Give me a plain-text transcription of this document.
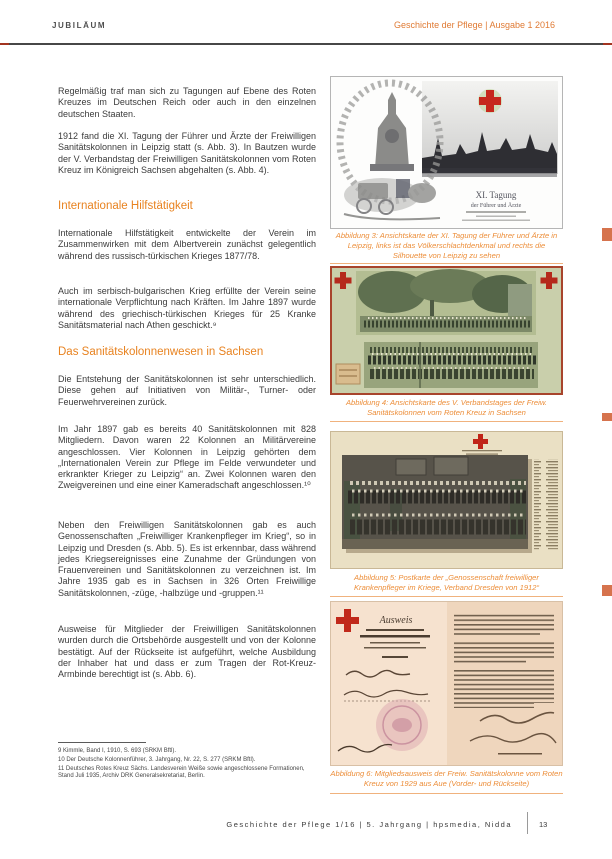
JUBILÄUM	Geschichte der Pflege | Ausgabe 1 2016

Regelmäßig traf man sich zu Tagungen auf Ebene des Roten Kreuzes im Deutschen Reich oder auch in den einzelnen deutschen Staaten.

1912 fand die XI. Tagung der Führer und Ärzte der Freiwilligen Sanitätskolonnen in Leipzig statt (s. Abb. 3). In Bautzen wurde der V. Verbandstag der Freiwilligen Sanitätskolonnen vom Roten Kreuz im Königreich Sachsen abgehalten (s. Abb. 4).

Internationale Hilfstätigkeit

Internationale Hilfstätigkeit entwickelte der Verein im Zusammenwirken mit dem Albertverein zunächst gelegentlich während des russisch-türkischen Krieges 1877/78.

Auch im serbisch-bulgarischen Krieg erfüllte der Verein seine internationale Verpflichtung nach Kräften. Im Jahre 1897 wurde während des griechisch-türkischen Krieges für 25 Kranke Sanitätsmaterial nach Athen geschickt.⁹

Das Sanitätskolonnenwesen in Sachsen

Die Entstehung der Sanitätskolonnen ist sehr unterschiedlich. Diese gehen auf Initiativen von Militär-, Turner- oder Feuerwehrvereinen zurück.

Im Jahr 1897 gab es bereits 40 Sanitätskolonnen mit 828 Mitgliedern. Davon waren 22 Kolonnen an Militärvereine angeschlossen. Vier Kolonnen in Leipzig gehörten dem „Internationalen Verein zur Pflege im Felde verwundeter und erkrankter Krieger zu Leipzig“ an. Zwei Kolonnen waren den Zweigvereinen und eine einer Kameradschaft angeschlossen.¹⁰

Neben den Freiwilligen Sanitätskolonnen gab es auch Genossenschaften „Freiwilliger Krankenpfleger im Krieg“, so in Leipzig und Dresden (s. Abb. 5). Es ist erkennbar, dass während jedes Kriegsereignisses eine Zunahme der Gründungen von Frauenvereinen und Sanitätskolonnen zu verzeichnen ist. Im Jahre 1935 gab es in Sachsen in 326 Orten Freiwillige Sanitätskolonnen, -züge, -halbzüge und -gruppen.¹¹

Ausweise für Mitglieder der Freiwilligen Sanitätskolonnen wurden durch die Ortsbehörde ausgestellt und von der Kolonne bestätigt. Auf der Rückseite ist aufgeführt, welche Ausbildung der Inhaber hat und dass er zum Tragen der Rot-Kreuz-Armbinde berechtigt ist (s. Abb. 6).

9 Kimmle, Band I, 1910, S. 693 (SRKM Bftl).

10 Der Deutsche Kolonnenführer, 3. Jahrgang, Nr. 22, S. 277 (SRKM Bftl).

11 Deutsches Rotes Kreuz Sächs. Landesverein Weiße sowie angeschlossene Formationen, Stand Juli 1935, Archiv DRK Generalsekretariat, Berlin.

XI. Tagung
der Führer und Ärzte

Abbildung 3: Ansichtskarte der XI. Tagung der Führer und Ärzte in Leipzig, links ist das Völkerschlachtdenkmal und rechts die Silhouette von Leipzig zu sehen

Abbildung 4: Ansichtskarte des V. Verbandstages der Freiw. Sanitätskolonnen vom Roten Kreuz in Sachsen

Abbildung 5: Postkarte der „Genossenschaft freiwilliger Krankenpfleger im Kriege, Verband Dresden von 1912“

Ausweis

Abbildung 6: Mitgliedsausweis der Freiw. Sanitätskolonne vom Roten Kreuz von 1929 aus Aue (Vorder- und Rückseite)

Geschichte der Pflege 1/16 | 5. Jahrgang | hpsmedia, Nidda	13
